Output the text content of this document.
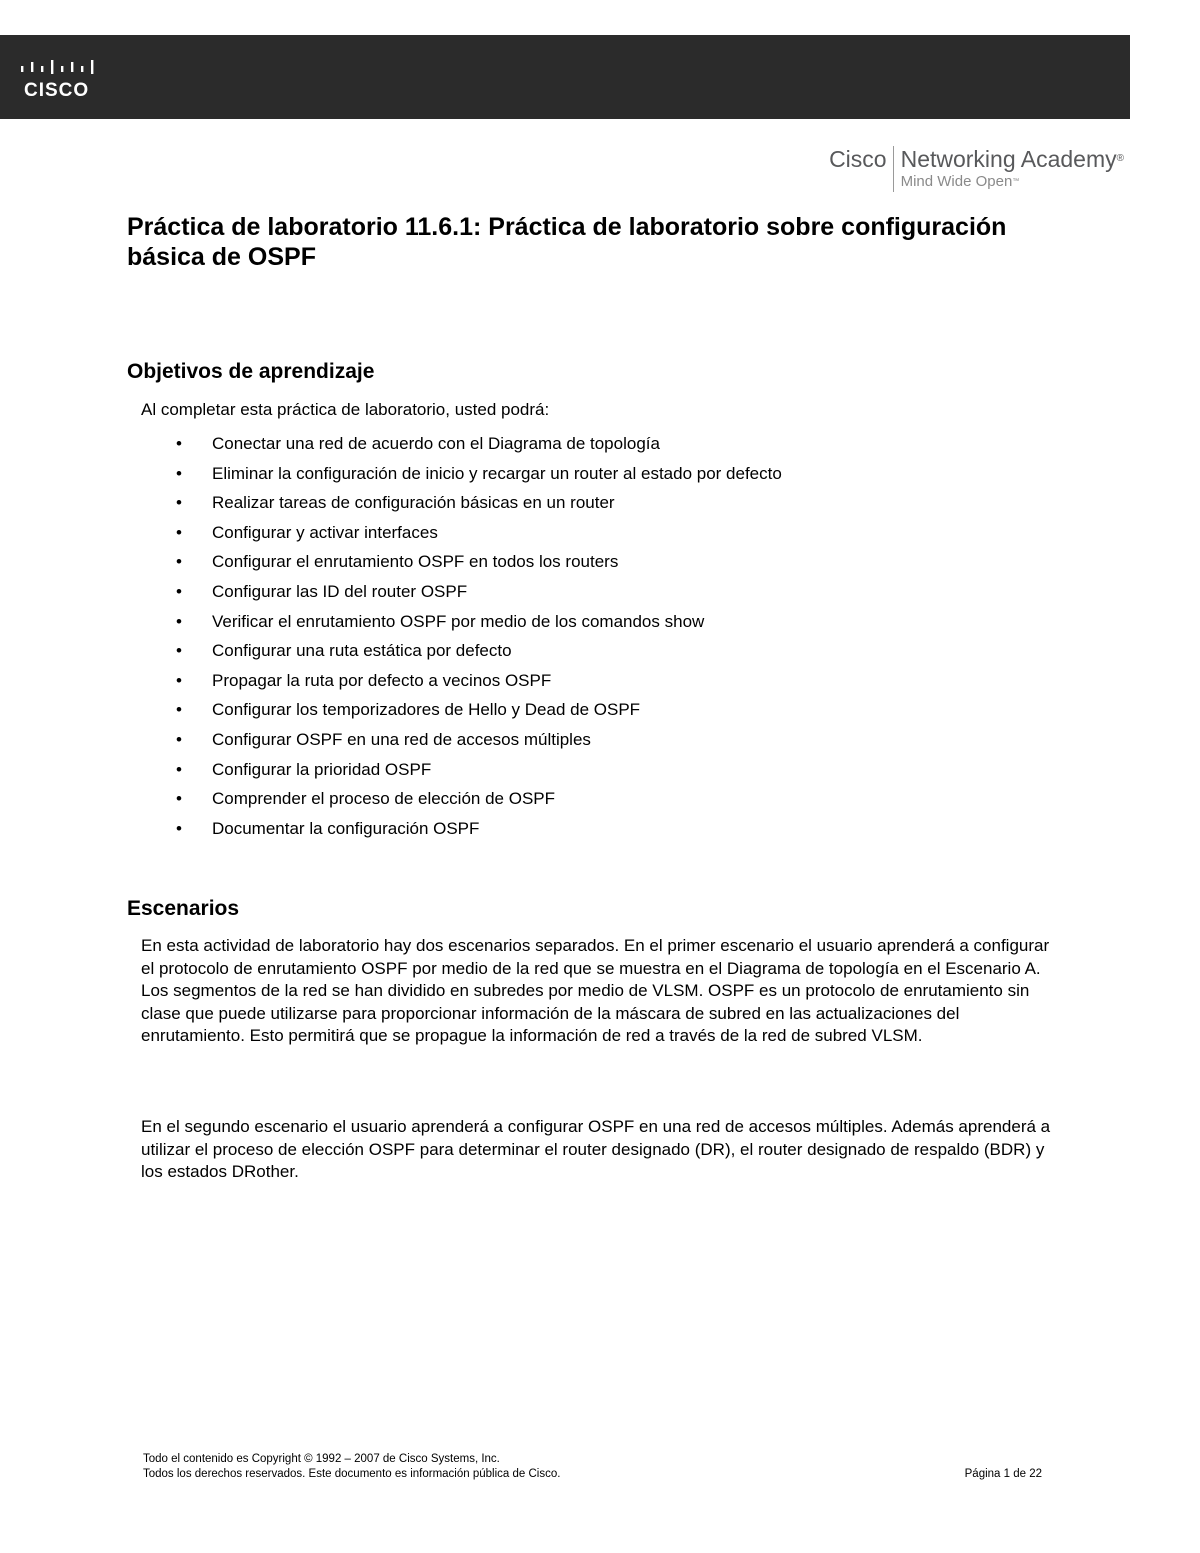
CISCO
Cisco Networking Academy®
Mind Wide Open™
Práctica de laboratorio 11.6.1: Práctica de laboratorio sobre configuración básica de OSPF
Objetivos de aprendizaje

Al completar esta práctica de laboratorio, usted podrá:

• Conectar una red de acuerdo con el Diagrama de topología
• Eliminar la configuración de inicio y recargar un router al estado por defecto
• Realizar tareas de configuración básicas en un router
• Configurar y activar interfaces
• Configurar el enrutamiento OSPF en todos los routers
• Configurar las ID del router OSPF
• Verificar el enrutamiento OSPF por medio de los comandos show
• Configurar una ruta estática por defecto
• Propagar la ruta por defecto a vecinos OSPF
• Configurar los temporizadores de Hello y Dead de OSPF
• Configurar OSPF en una red de accesos múltiples
• Configurar la prioridad OSPF
• Comprender el proceso de elección de OSPF
• Documentar la configuración OSPF
Escenarios

En esta actividad de laboratorio hay dos escenarios separados. En el primer escenario el usuario aprenderá a configurar el protocolo de enrutamiento OSPF por medio de la red que se muestra en el Diagrama de topología en el Escenario A. Los segmentos de la red se han dividido en subredes por medio de VLSM. OSPF es un protocolo de enrutamiento sin clase que puede utilizarse para proporcionar información de la máscara de subred en las actualizaciones del enrutamiento. Esto permitirá que se propague la información de red a través de la red de subred VLSM.

En el segundo escenario el usuario aprenderá a configurar OSPF en una red de accesos múltiples. Además aprenderá a utilizar el proceso de elección OSPF para determinar el router designado (DR), el router designado de respaldo (BDR) y los estados DRother.

Todo el contenido es Copyright © 1992 – 2007 de Cisco Systems, Inc.
Todos los derechos reservados. Este documento es información pública de Cisco.	Página 1 de 22
